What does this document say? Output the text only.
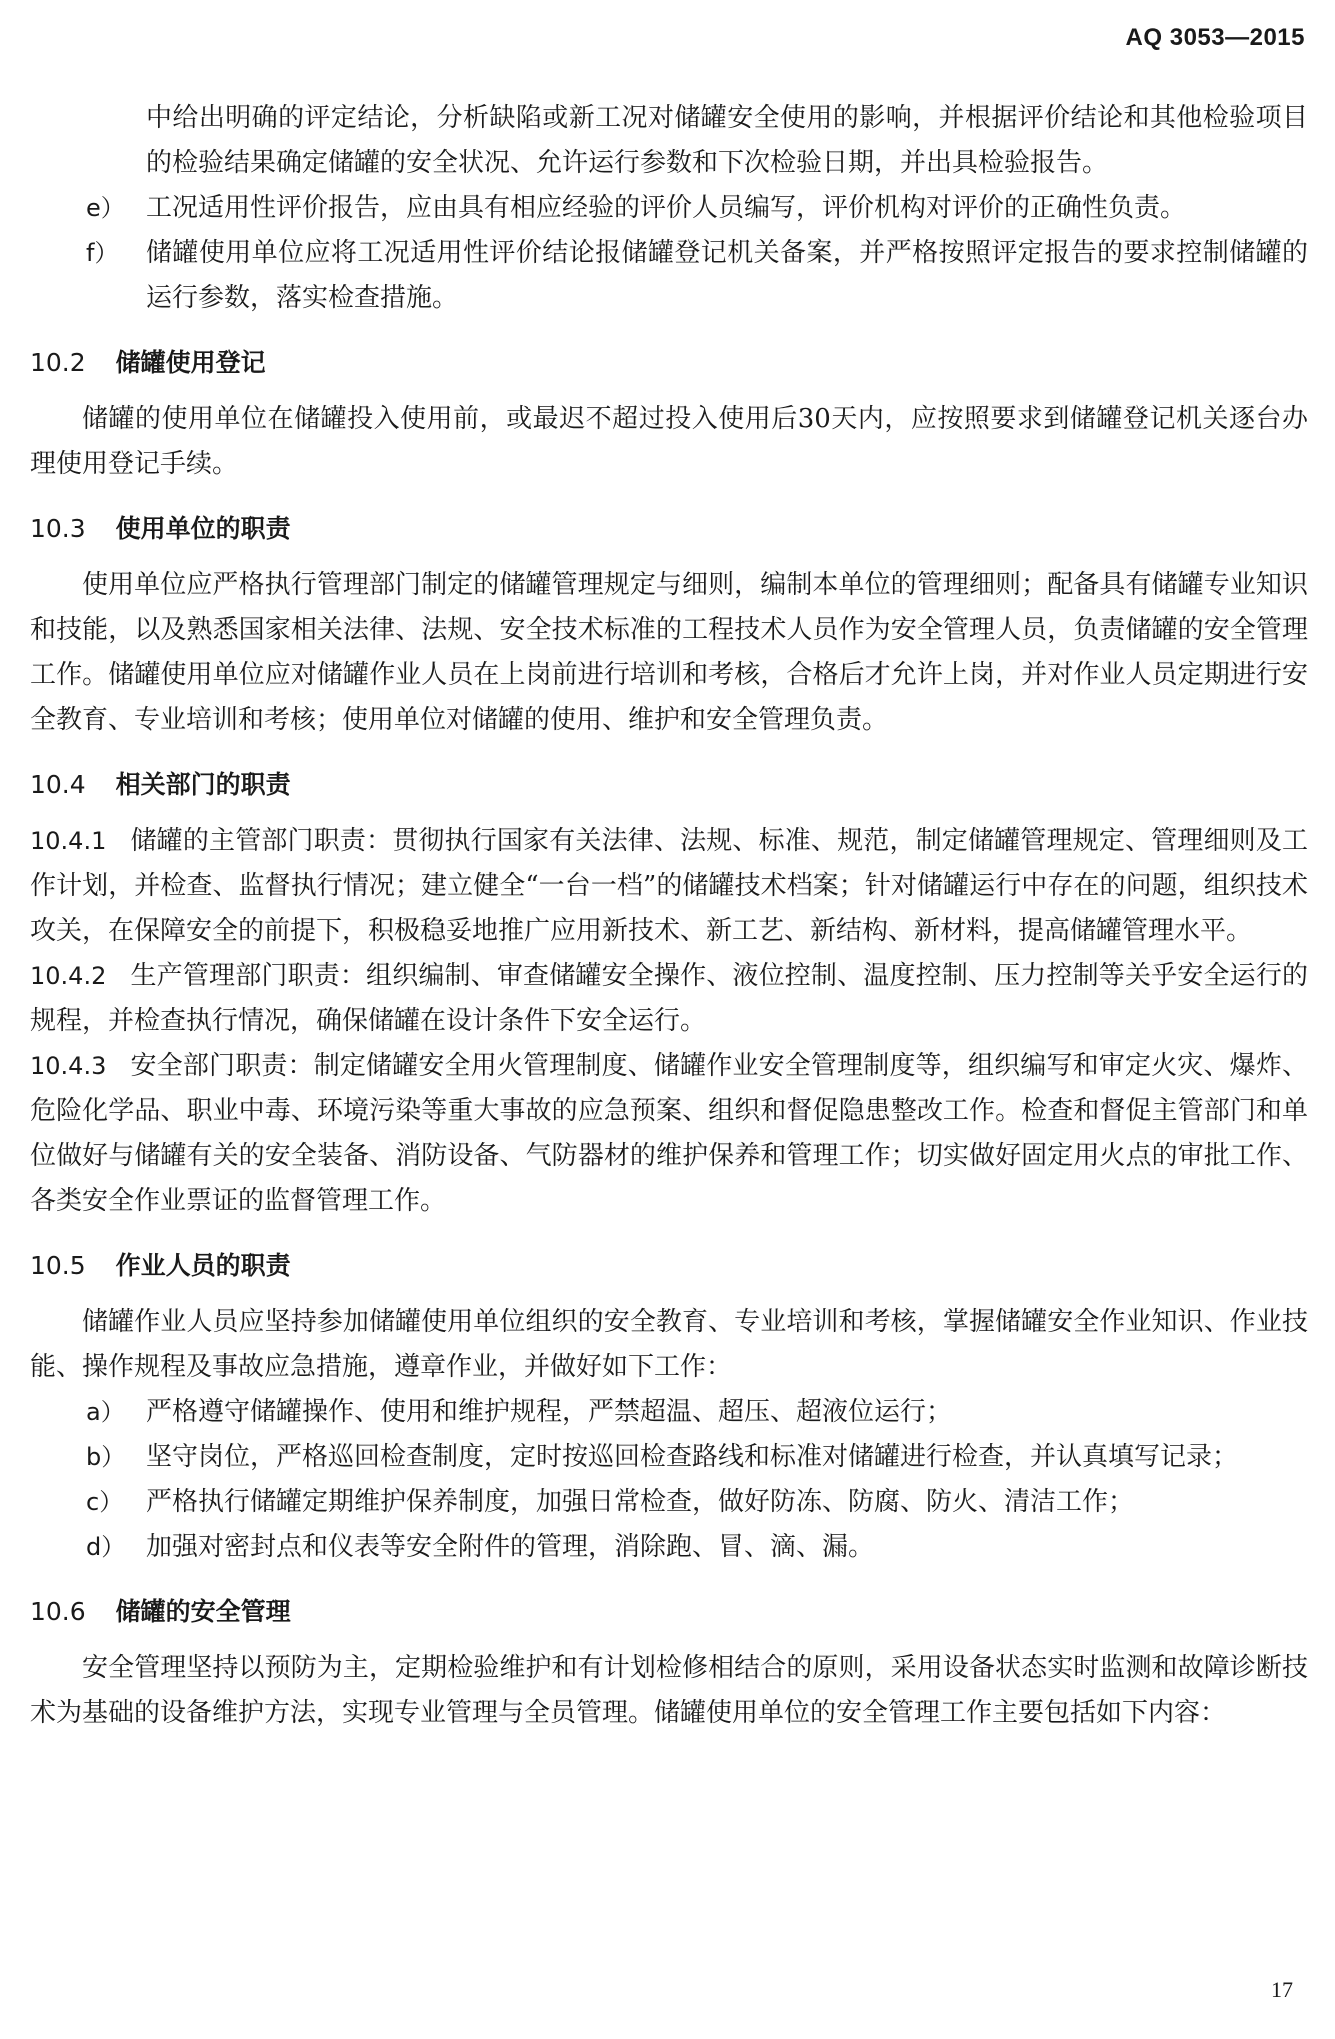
AQ 3053—2015

中给出明确的评定结论，分析缺陷或新工况对储罐安全使用的影响，并根据评价结论和其他检验项目的检验结果确定储罐的安全状况、允许运行参数和下次检验日期，并出具检验报告。

e） 工况适用性评价报告，应由具有相应经验的评价人员编写，评价机构对评价的正确性负责。
f） 储罐使用单位应将工况适用性评价结论报储罐登记机关备案，并严格按照评定报告的要求控制储罐的运行参数，落实检查措施。
10.2 储罐使用登记

储罐的使用单位在储罐投入使用前，或最迟不超过投入使用后30天内，应按照要求到储罐登记机关逐台办理使用登记手续。

10.3 使用单位的职责

使用单位应严格执行管理部门制定的储罐管理规定与细则，编制本单位的管理细则；配备具有储罐专业知识和技能，以及熟悉国家相关法律、法规、安全技术标准的工程技术人员作为安全管理人员，负责储罐的安全管理工作。储罐使用单位应对储罐作业人员在上岗前进行培训和考核，合格后才允许上岗，并对作业人员定期进行安全教育、专业培训和考核；使用单位对储罐的使用、维护和安全管理负责。

10.4 相关部门的职责

10.4.1 储罐的主管部门职责：贯彻执行国家有关法律、法规、标准、规范，制定储罐管理规定、管理细则及工作计划，并检查、监督执行情况；建立健全“一台一档”的储罐技术档案；针对储罐运行中存在的问题，组织技术攻关，在保障安全的前提下，积极稳妥地推广应用新技术、新工艺、新结构、新材料，提高储罐管理水平。

10.4.2 生产管理部门职责：组织编制、审查储罐安全操作、液位控制、温度控制、压力控制等关乎安全运行的规程，并检查执行情况，确保储罐在设计条件下安全运行。

10.4.3 安全部门职责：制定储罐安全用火管理制度、储罐作业安全管理制度等，组织编写和审定火灾、爆炸、危险化学品、职业中毒、环境污染等重大事故的应急预案、组织和督促隐患整改工作。检查和督促主管部门和单位做好与储罐有关的安全装备、消防设备、气防器材的维护保养和管理工作；切实做好固定用火点的审批工作、各类安全作业票证的监督管理工作。

10.5 作业人员的职责

储罐作业人员应坚持参加储罐使用单位组织的安全教育、专业培训和考核，掌握储罐安全作业知识、作业技能、操作规程及事故应急措施，遵章作业，并做好如下工作：

a） 严格遵守储罐操作、使用和维护规程，严禁超温、超压、超液位运行；
b） 坚守岗位，严格巡回检查制度，定时按巡回检查路线和标准对储罐进行检查，并认真填写记录；
c） 严格执行储罐定期维护保养制度，加强日常检查，做好防冻、防腐、防火、清洁工作；
d） 加强对密封点和仪表等安全附件的管理，消除跑、冒、滴、漏。
10.6 储罐的安全管理

安全管理坚持以预防为主，定期检验维护和有计划检修相结合的原则，采用设备状态实时监测和故障诊断技术为基础的设备维护方法，实现专业管理与全员管理。储罐使用单位的安全管理工作主要包括如下内容：

17
